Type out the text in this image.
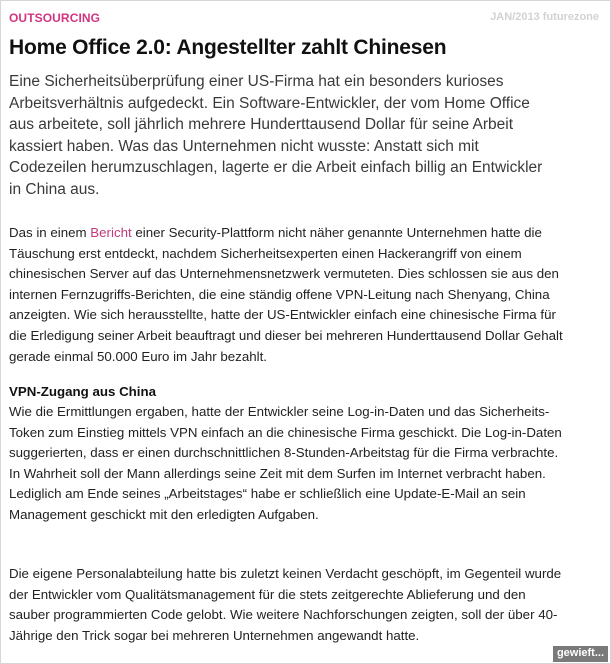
OUTSOURCING	JAN/2013 futurezone
Home Office 2.0: Angestellter zahlt Chinesen

Eine Sicherheitsüberprüfung einer US-Firma hat ein besonders kurioses Arbeitsverhältnis aufgedeckt. Ein Software-Entwickler, der vom Home Office aus arbeitete, soll jährlich mehrere Hunderttausend Dollar für seine Arbeit kassiert haben. Was das Unternehmen nicht wusste: Anstatt sich mit Codezeilen herumzuschlagen, lagerte er die Arbeit einfach billig an Entwickler in China aus.

Das in einem Bericht einer Security-Plattform nicht näher genannte Unternehmen hatte die Täuschung erst entdeckt, nachdem Sicherheitsexperten einen Hackerangriff von einem chinesischen Server auf das Unternehmensnetzwerk vermuteten. Dies schlossen sie aus den internen Fernzugriffs-Berichten, die eine ständig offene VPN-Leitung nach Shenyang, China anzeigten. Wie sich herausstellte, hatte der US-Entwickler einfach eine chinesische Firma für die Erledigung seiner Arbeit beauftragt und dieser bei mehreren Hunderttausend Dollar Gehalt gerade einmal 50.000 Euro im Jahr bezahlt.

VPN-Zugang aus China

Wie die Ermittlungen ergaben, hatte der Entwickler seine Log-in-Daten und das Sicherheits-Token zum Einstieg mittels VPN einfach an die chinesische Firma geschickt. Die Log-in-Daten suggerierten, dass er einen durchschnittlichen 8-Stunden-Arbeitstag für die Firma verbrachte. In Wahrheit soll der Mann allerdings seine Zeit mit dem Surfen im Internet verbracht haben. Lediglich am Ende seines „Arbeitstages“ habe er schließlich eine Update-E-Mail an sein Management geschickt mit den erledigten Aufgaben.

Die eigene Personalabteilung hatte bis zuletzt keinen Verdacht geschöpft, im Gegenteil wurde der Entwickler vom Qualitätsmanagement für die stets zeitgerechte Ablieferung und den sauber programmierten Code gelobt. Wie weitere Nachforschungen zeigten, soll der über 40-Jährige den Trick sogar bei mehreren Unternehmen angewandt hatte.

gewieft...
